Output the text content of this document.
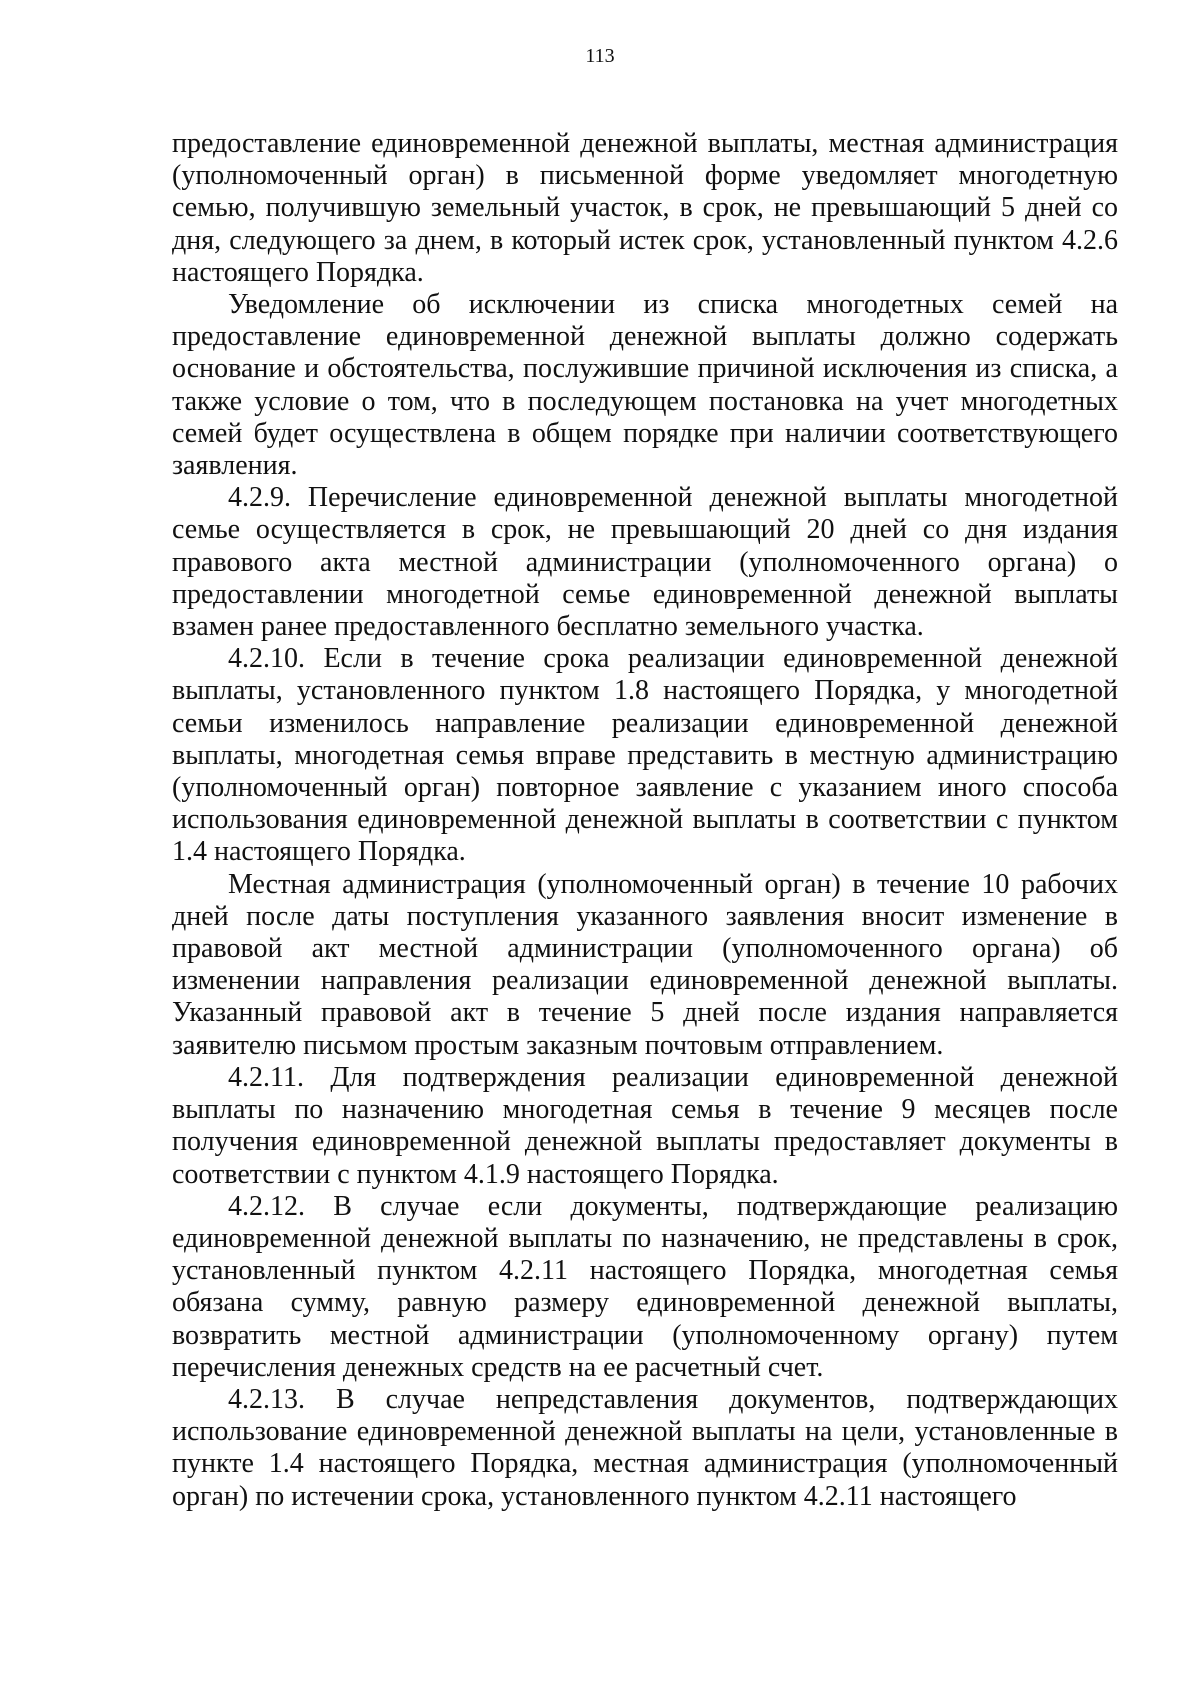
113

предоставление единовременной денежной выплаты, местная администрация (уполномоченный орган) в письменной форме уведомляет многодетную семью, получившую земельный участок, в срок, не превышающий 5 дней со дня, следующего за днем, в который истек срок, установленный пунктом 4.2.6 настоящего Порядка.

Уведомление об исключении из списка многодетных семей на предоставление единовременной денежной выплаты должно содержать основание и обстоятельства, послужившие причиной исключения из списка, а также условие о том, что в последующем постановка на учет многодетных семей будет осуществлена в общем порядке при наличии соответствующего заявления.

4.2.9. Перечисление единовременной денежной выплаты многодетной семье осуществляется в срок, не превышающий 20 дней со дня издания правового акта местной администрации (уполномоченного органа) о предоставлении многодетной семье единовременной денежной выплаты взамен ранее предоставленного бесплатно земельного участка.

4.2.10. Если в течение срока реализации единовременной денежной выплаты, установленного пунктом 1.8 настоящего Порядка, у многодетной семьи изменилось направление реализации единовременной денежной выплаты, многодетная семья вправе представить в местную администрацию (уполномоченный орган) повторное заявление с указанием иного способа использования единовременной денежной выплаты в соответствии с пунктом 1.4 настоящего Порядка.

Местная администрация (уполномоченный орган) в течение 10 рабочих дней после даты поступления указанного заявления вносит изменение в правовой акт местной администрации (уполномоченного органа) об изменении направления реализации единовременной денежной выплаты. Указанный правовой акт в течение 5 дней после издания направляется заявителю письмом простым заказным почтовым отправлением.

4.2.11. Для подтверждения реализации единовременной денежной выплаты по назначению многодетная семья в течение 9 месяцев после получения единовременной денежной выплаты предоставляет документы в соответствии с пунктом 4.1.9 настоящего Порядка.

4.2.12. В случае если документы, подтверждающие реализацию единовременной денежной выплаты по назначению, не представлены в срок, установленный пунктом 4.2.11 настоящего Порядка, многодетная семья обязана сумму, равную размеру единовременной денежной выплаты, возвратить местной администрации (уполномоченному органу) путем перечисления денежных средств на ее расчетный счет.

4.2.13. В случае непредставления документов, подтверждающих использование единовременной денежной выплаты на цели, установленные в пункте 1.4 настоящего Порядка, местная администрация (уполномоченный орган) по истечении срока, установленного пунктом 4.2.11 настоящего
